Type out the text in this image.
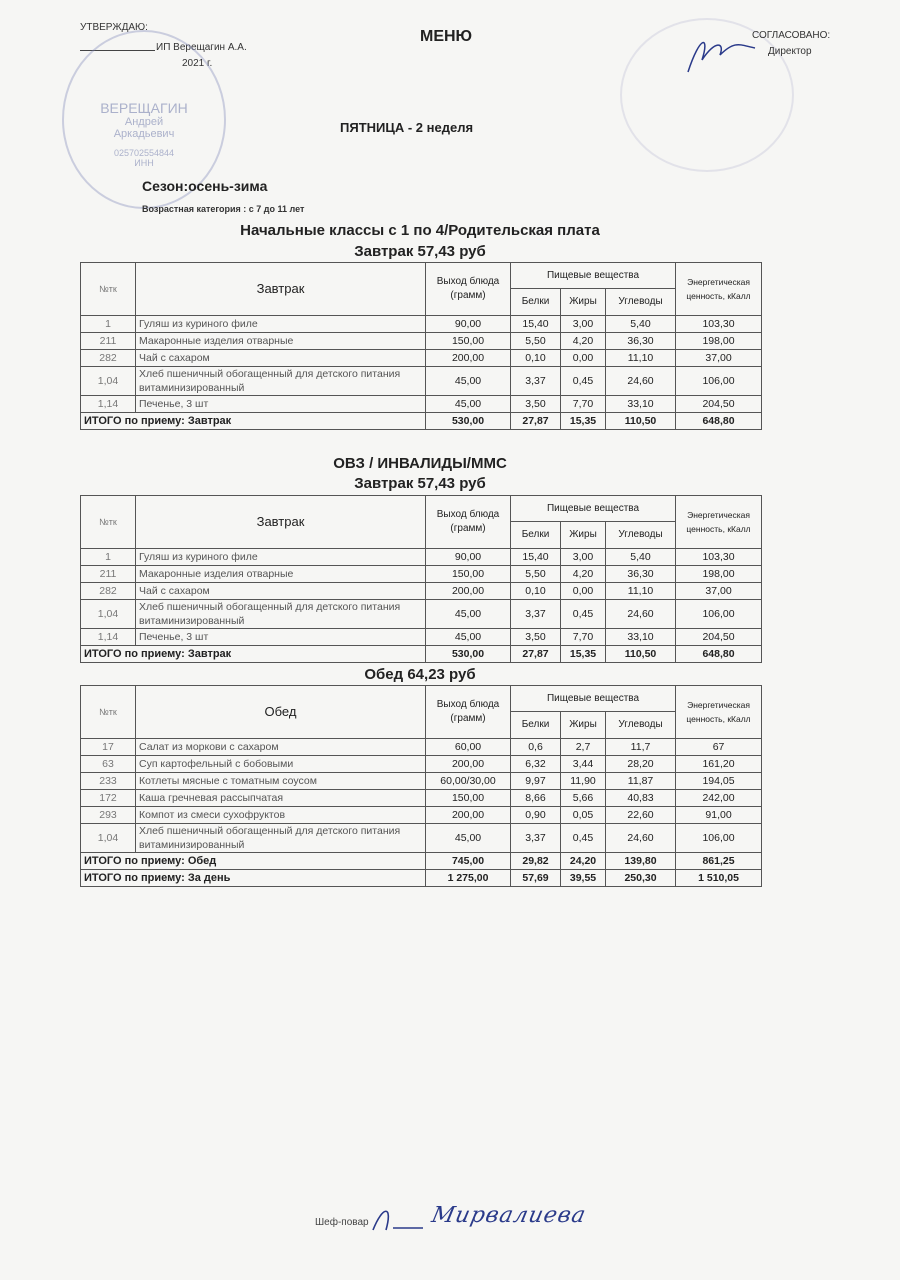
УТВЕРЖДАЮ:
ИП Верещагин А.А.
2021 г.
ВЕРЕЩАГИН
Андрей
Аркадьевич
025702554844
ИНН
МЕНЮ	СОГЛАСОВАНО:
Директор
ПЯТНИЦА - 2 неделя
Сезон:осень-зима
Возрастная категория : с 7 до 11 лет
Начальные классы с 1 по 4/Родительская плата
Завтрак 57,43 руб
№тк	Завтрак	Выход блюда (грамм)	Пищевые вещества			Энергетическая ценность, кКалл
			Белки	Жиры	Углеводы	
1	Гуляш из куриного филе	90,00	15,40	3,00	5,40	103,30
211	Макаронные изделия отварные	150,00	5,50	4,20	36,30	198,00
282	Чай с сахаром	200,00	0,10	0,00	11,10	37,00
1,04	Хлеб пшеничный обогащенный для детского питания витаминизированный	45,00	3,37	0,45	24,60	106,00
1,14	Печенье, 3 шт	45,00	3,50	7,70	33,10	204,50
ИТОГО по приему: Завтрак		530,00	27,87	15,35	110,50	648,80
ОВЗ / ИНВАЛИДЫ/МMC
Завтрак 57,43 руб
№тк	Завтрак	Выход блюда (грамм)	Пищевые вещества			Энергетическая ценность, кКалл
			Белки	Жиры	Углеводы	
1	Гуляш из куриного филе	90,00	15,40	3,00	5,40	103,30
211	Макаронные изделия отварные	150,00	5,50	4,20	36,30	198,00
282	Чай с сахаром	200,00	0,10	0,00	11,10	37,00
1,04	Хлеб пшеничный обогащенный для детского питания витаминизированный	45,00	3,37	0,45	24,60	106,00
1,14	Печенье, 3 шт	45,00	3,50	7,70	33,10	204,50
ИТОГО по приему: Завтрак		530,00	27,87	15,35	110,50	648,80
Обед 64,23 руб
№тк	Обед	Выход блюда (грамм)	Пищевые вещества			Энергетическая ценность, кКалл
			Белки	Жиры	Углеводы	
17	Салат из моркови с сахаром	60,00	0,6	2,7	11,7	67
63	Суп картофельный с бобовыми	200,00	6,32	3,44	28,20	161,20
233	Котлеты мясные с томатным соусом	60,00/30,00	9,97	11,90	11,87	194,05
172	Каша гречневая рассыпчатая	150,00	8,66	5,66	40,83	242,00
293	Компот из смеси сухофруктов	200,00	0,90	0,05	22,60	91,00
1,04	Хлеб пшеничный обогащенный для детского питания витаминизированный	45,00	3,37	0,45	24,60	106,00
ИТОГО по приему: Обед		745,00	29,82	24,20	139,80	861,25
ИТОГО по приему: За день		1 275,00	57,69	39,55	250,30	1 510,05
Шеф-повар	Мирвалиева
